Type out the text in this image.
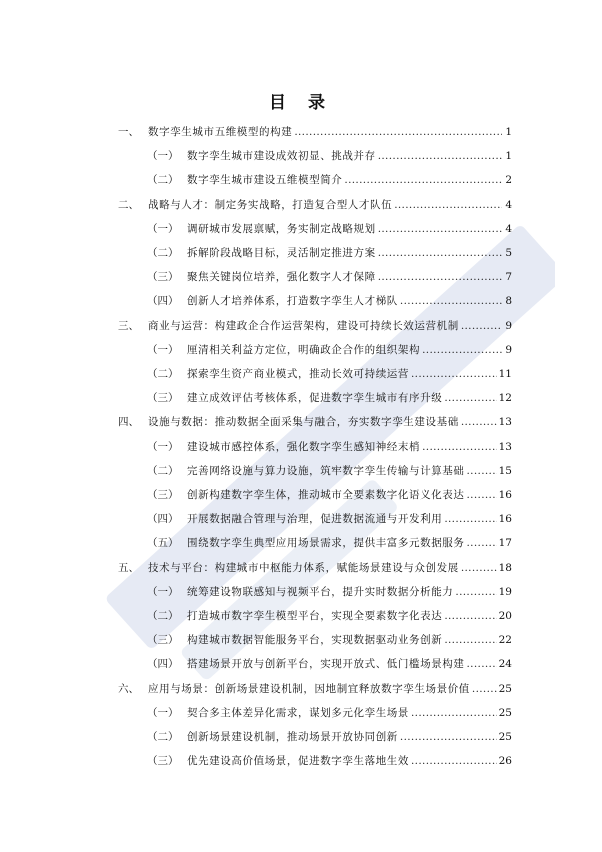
目 录
一、 数字孪生城市五维模型的构建 . . .	1
（一） 数字孪生城市建设成效初显、挑战并存 . . .	1
（二） 数字孪生城市建设五维模型简介 . . .	2
二、 战略与人才：制定务实战略，打造复合型人才队伍 . . .	4
（一） 调研城市发展禀赋，务实制定战略规划 . . .	4
（二） 拆解阶段战略目标，灵活制定推进方案 . . .	5
（三） 聚焦关键岗位培养，强化数字人才保障 . . .	7
（四） 创新人才培养体系，打造数字孪生人才梯队 . . .	8
三、 商业与运营：构建政企合作运营架构，建设可持续长效运营机制 . . .	9
（一） 厘清相关利益方定位，明确政企合作的组织架构 . . .	9
（二） 探索孪生资产商业模式，推动长效可持续运营 . . .	11
（三） 建立成效评估考核体系，促进数字孪生城市有序升级 . . .	12
四、 设施与数据：推动数据全面采集与融合，夯实数字孪生建设基础 . . .	13
（一） 建设城市感控体系，强化数字孪生感知神经末梢 . . .	13
（二） 完善网络设施与算力设施，筑牢数字孪生传输与计算基础 . . .	15
（三） 创新构建数字孪生体，推动城市全要素数字化语义化表达 . . .	16
（四） 开展数据融合管理与治理，促进数据流通与开发利用 . . .	16
（五） 围绕数字孪生典型应用场景需求，提供丰富多元数据服务 . . .	17
五、 技术与平台：构建城市中枢能力体系，赋能场景建设与众创发展 . . .	18
（一） 统筹建设物联感知与视频平台，提升实时数据分析能力 . . .	19
（二） 打造城市数字孪生模型平台，实现全要素数字化表达 . . .	20
（三） 构建城市数据智能服务平台，实现数据驱动业务创新 . . .	22
（四） 搭建场景开放与创新平台，实现开放式、低门槛场景构建 . . .	24
六、 应用与场景：创新场景建设机制，因地制宜释放数字孪生场景价值 . . .	25
（一） 契合多主体差异化需求，谋划多元化孪生场景 . . .	25
（二） 创新场景建设机制，推动场景开放协同创新 . . .	25
（三） 优先建设高价值场景，促进数字孪生落地生效 . . .	26
